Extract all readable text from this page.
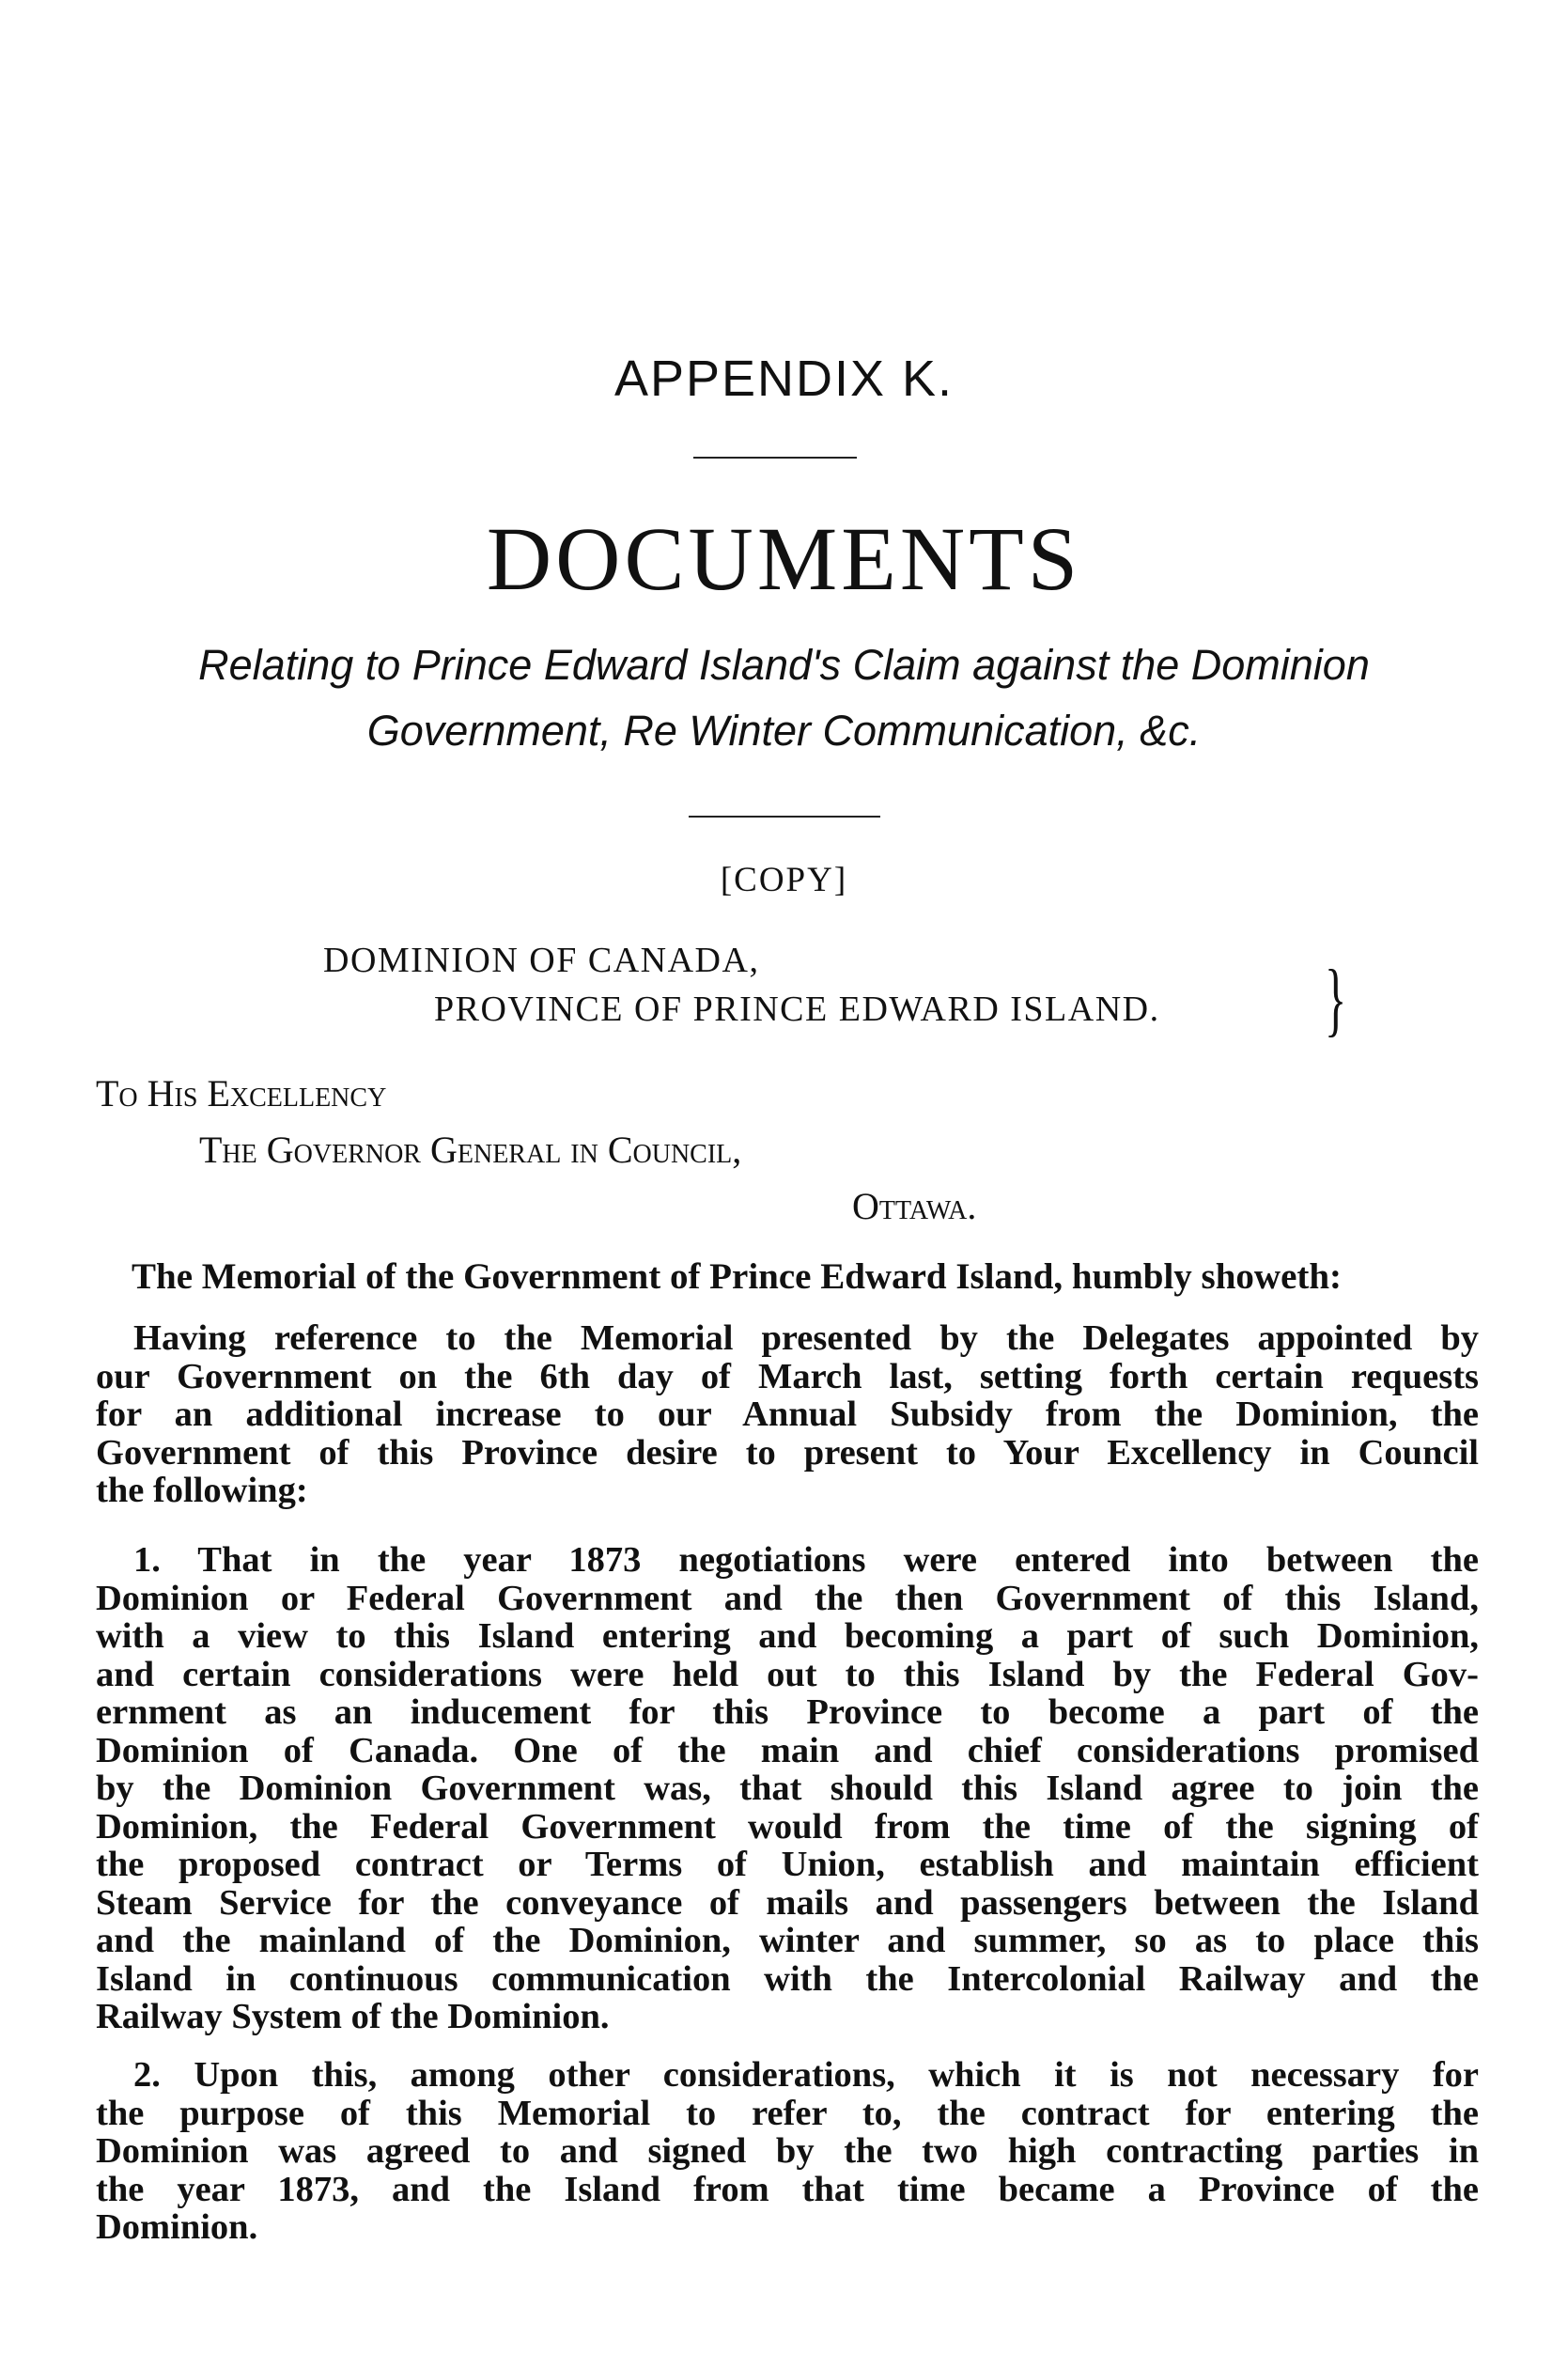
APPENDIX K.
DOCUMENTS
Relating to Prince Edward Island's Claim against the Dominion
Government, Re Winter Communication, &c.
[COPY]
DOMINION OF CANADA,
PROVINCE OF PRINCE EDWARD ISLAND. }
To His Excellency
The Governor General in Council,
Ottawa.
The Memorial of the Government of Prince Edward Island, humbly showeth:
Having reference to the Memorial presented by the Delegates appointed by
our Government on the 6th day of March last, setting forth certain requests
for an additional increase to our Annual Subsidy from the Dominion, the
Government of this Province desire to present to Your Excellency in Council
the following:
1. That in the year 1873 negotiations were entered into between the
Dominion or Federal Government and the then Government of this Island,
with a view to this Island entering and becoming a part of such Dominion,
and certain considerations were held out to this Island by the Federal Gov-
ernment as an inducement for this Province to become a part of the
Dominion of Canada. One of the main and chief considerations promised
by the Dominion Government was, that should this Island agree to join the
Dominion, the Federal Government would from the time of the signing of
the proposed contract or Terms of Union, establish and maintain efficient
Steam Service for the conveyance of mails and passengers between the Island
and the mainland of the Dominion, winter and summer, so as to place this
Island in continuous communication with the Intercolonial Railway and the
Railway System of the Dominion.
2. Upon this, among other considerations, which it is not necessary for
the purpose of this Memorial to refer to, the contract for entering the
Dominion was agreed to and signed by the two high contracting parties in
the year 1873, and the Island from that time became a Province of the
Dominion.
